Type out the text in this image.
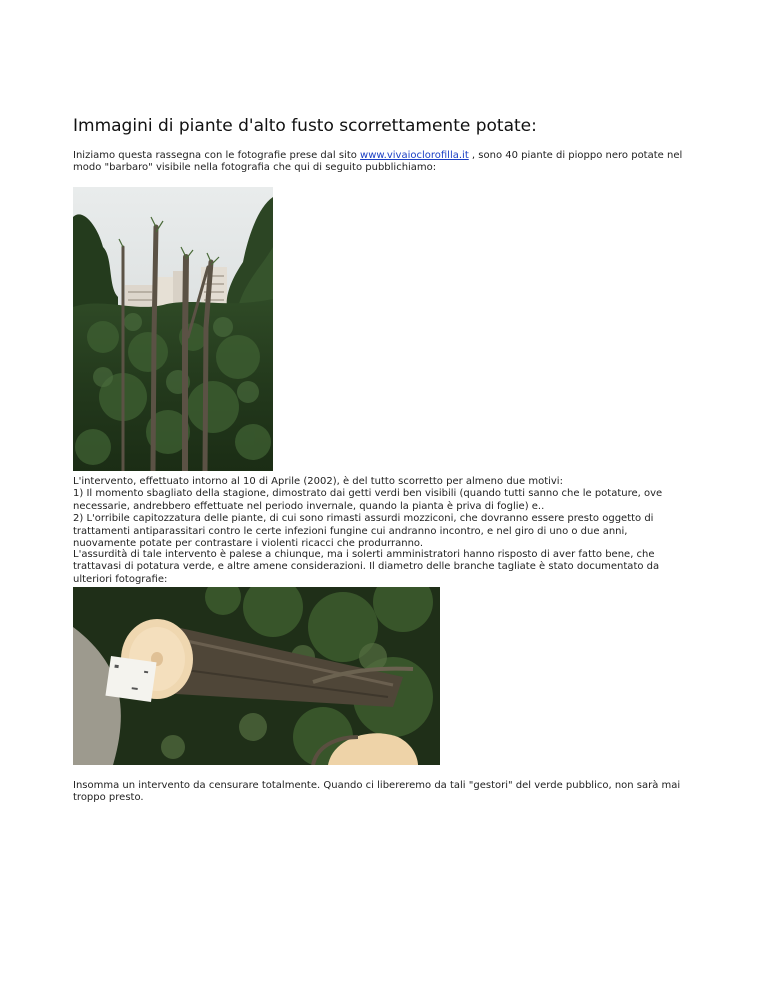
Immagini di piante d'alto fusto scorrettamente potate:

Iniziamo questa rassegna con le fotografie prese dal sito www.vivaioclorofilla.it , sono 40 piante di pioppo nero potate nel modo "barbaro" visibile nella fotografia che qui di seguito pubblichiamo:

L'intervento, effettuato intorno al 10 di Aprile (2002), è del tutto scorretto per almeno due motivi:
1) Il momento sbagliato della stagione, dimostrato dai getti verdi ben visibili (quando tutti sanno che le potature, ove necessarie, andrebbero effettuate nel periodo invernale, quando la pianta è priva di foglie) e..
2) L'orribile capitozzatura delle piante, di cui sono rimasti assurdi mozziconi, che dovranno essere presto oggetto di trattamenti antiparassitari contro le certe infezioni fungine cui andranno incontro, e nel giro di uno o due anni, nuovamente potate per contrastare i violenti ricacci che produrranno.

L'assurdità di tale intervento è palese a chiunque, ma i solerti amministratori hanno risposto di aver fatto bene, che trattavasi di potatura verde, e altre amene considerazioni. Il diametro delle branche tagliate è stato documentato da ulteriori fotografie:

Insomma un intervento da censurare totalmente. Quando ci libereremo da tali "gestori" del verde pubblico, non sarà mai troppo presto.
